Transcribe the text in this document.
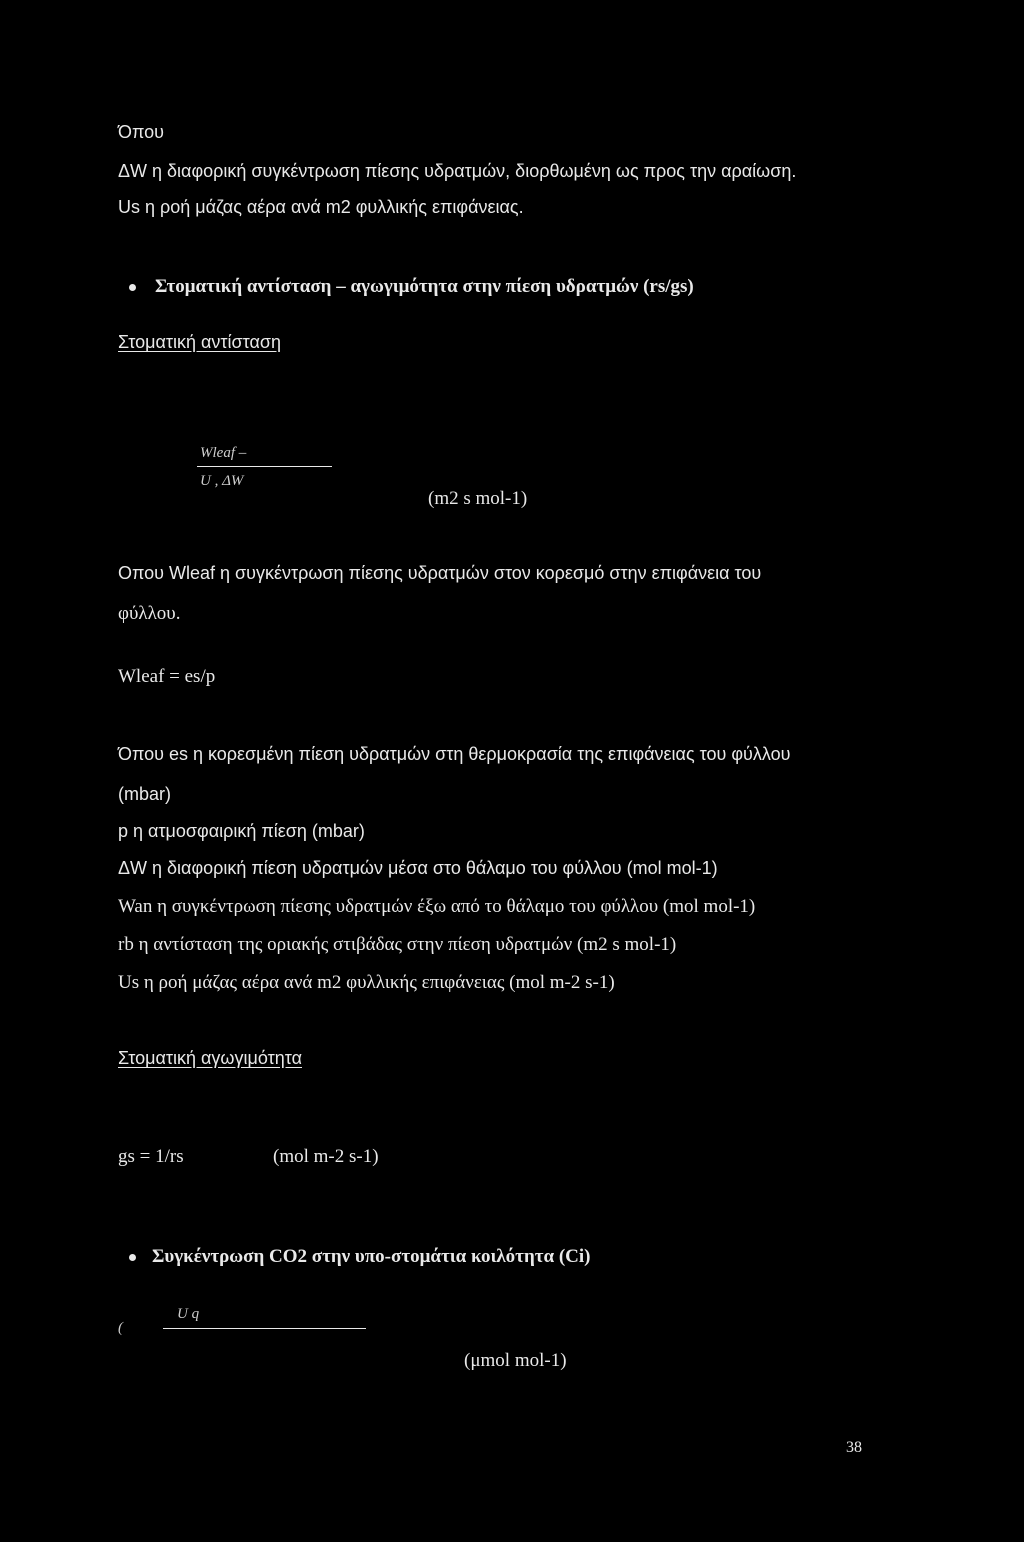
Όπου
ΔW η διαφορική συγκέντρωση πίεσης υδρατμών, διορθωμένη ως προς την αραίωση.
Us η ροή μάζας αέρα ανά m2 φυλλικής επιφάνειας.
Στοματική αντίσταση – αγωγιμότητα στην πίεση υδρατμών (rs/gs)
Στοματική αντίσταση
Wleaf –
U , ΔW
(m2 s mol-1)
Οπου Wleaf η συγκέντρωση πίεσης υδρατμών στον κορεσμό στην επιφάνεια του
φύλλου.
Wleaf = es/p
Όπου es η κορεσμένη πίεση υδρατμών στη θερμοκρασία της επιφάνειας του φύλλου
(mbar)
p η ατμοσφαιρική πίεση (mbar)
ΔW η διαφορική πίεση υδρατμών μέσα στο θάλαμο του φύλλου (mol mol-1)
Wan η συγκέντρωση πίεσης υδρατμών έξω από το θάλαμο του φύλλου (mol mol-1)
rb η αντίσταση της οριακής στιβάδας στην πίεση υδρατμών (m2 s mol-1)
Us η ροή μάζας αέρα ανά m2 φυλλικής επιφάνειας (mol m-2 s-1)
Στοματική αγωγιμότητα
gs = 1/rs	(mol m-2 s-1)
Συγκέντρωση CO2 στην υπο-στομάτια κοιλότητα (Ci)
(
U q
(μmol mol-1)
38
